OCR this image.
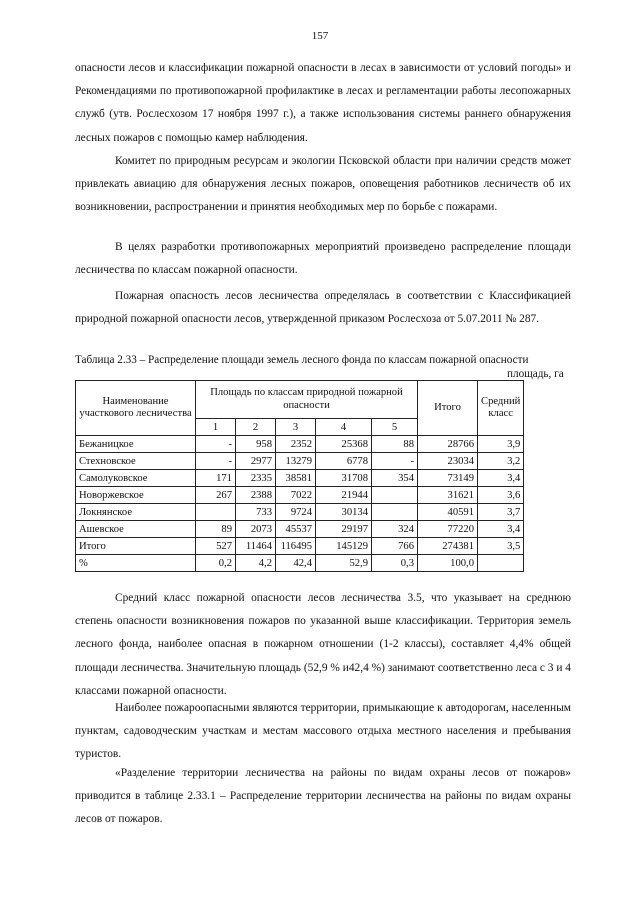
157

опасности лесов и классификации пожарной опасности в лесах в зависимости от условий погоды» и Рекомендациями по противопожарной профилактике в лесах и регламентации работы лесопожарных служб (утв. Рослесхозом 17 ноября 1997 г.), а также использования системы раннего обнаружения лесных пожаров с помощью камер наблюдения.

Комитет по природным ресурсам и экологии Псковской области при наличии средств может привлекать авиацию для обнаружения лесных пожаров, оповещения работников лесничеств об их возникновении, распространении и принятия необходимых мер по борьбе с пожарами.

В целях разработки противопожарных мероприятий произведено распределение площади лесничества по классам пожарной опасности.

Пожарная опасность лесов лесничества определялась в соответствии с Классификацией природной пожарной опасности лесов, утвержденной приказом Рослесхоза от 5.07.2011 № 287.

Таблица 2.33 – Распределение площади земель лесного фонда по классам пожарной опасности
площадь, га
Наименование участкового лесничества	Площадь по классам природной пожарной опасности					Итого	Средний класс
	1	2	3	4	5		
Бежаницкое	-	958	2352	25368	88	28766	3,9
Стехновское	-	2977	13279	6778	-	23034	3,2
Самолуковское	171	2335	38581	31708	354	73149	3,4
Новоржевское	267	2388	7022	21944		31621	3,6
Локнянское		733	9724	30134		40591	3,7
Ашевское	89	2073	45537	29197	324	77220	3,4
Итого	527	11464	116495	145129	766	274381	3,5
%	0,2	4,2	42,4	52,9	0,3	100,0	

Средний класс пожарной опасности лесов лесничества 3.5, что указывает на среднюю степень опасности возникновения пожаров по указанной выше классификации. Территория земель лесного фонда, наиболее опасная в пожарном отношении (1-2 классы), составляет 4,4% общей площади лесничества. Значительную площадь (52,9 % и42,4 %) занимают соответственно леса с 3 и 4 классами пожарной опасности.

Наиболее пожароопасными являются территории, примыкающие к автодорогам, населенным пунктам, садоводческим участкам и местам массового отдыха местного населения и пребывания туристов.

«Разделение территории лесничества на районы по видам охраны лесов от пожаров» приводится в таблице 2.33.1 – Распределение территории лесничества на районы по видам охраны лесов от пожаров.
